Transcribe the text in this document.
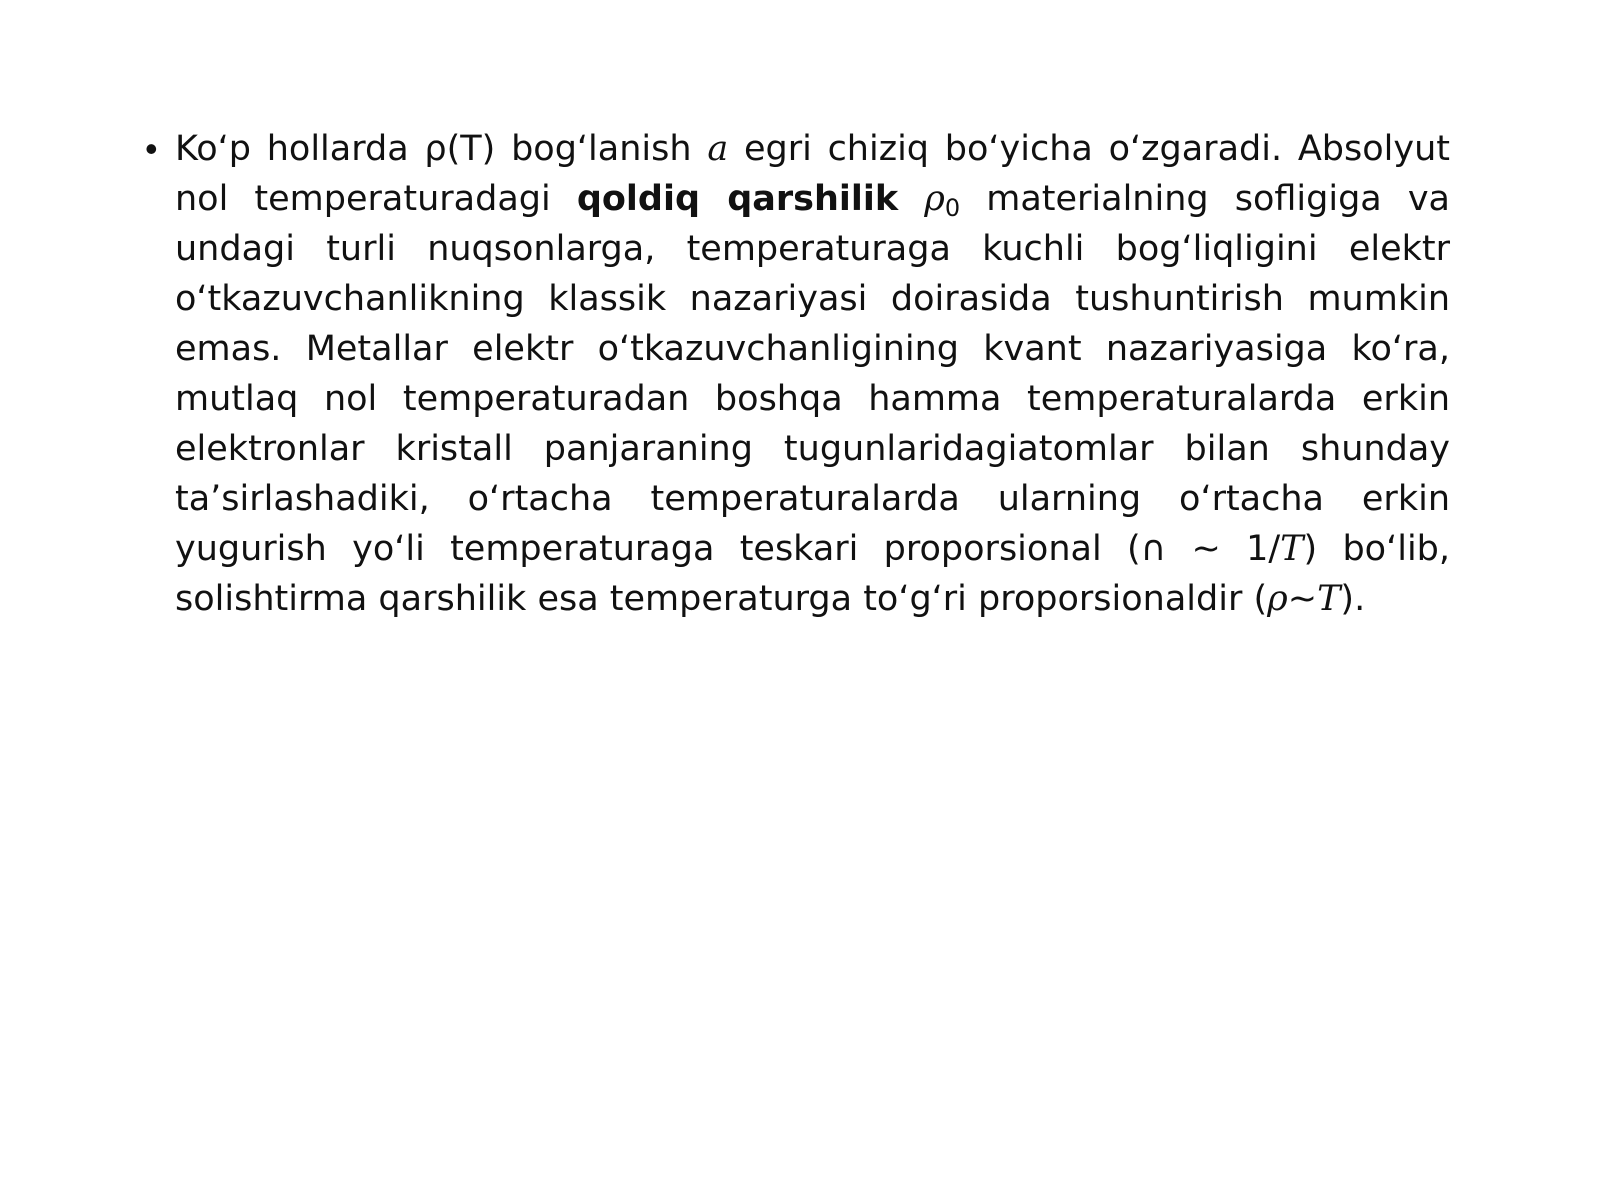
• Ko‘p hollarda ρ(T) bog‘lanish a egri chiziq bo‘yicha o‘zgaradi. Absolyut nol temperaturadagi qoldiq qarshilik $\rho_0$ materialning sofligiga va undagi turli nuqsonlarga, temperaturaga kuchli bog‘liqligini elektr o‘tkazuvchanlikning klassik nazariyasi doirasida tushuntirish mumkin emas. Metallar elektr o‘tkazuvchanligining kvant nazariyasiga ko‘ra, mutlaq nol temperaturadan boshqa hamma temperaturalarda erkin elektronlar kristall panjaraning tugunlaridagiatomlar bilan shunday ta’sirlashadiki, o‘rtacha temperaturalarda ularning o‘rtacha erkin yugurish yo‘li temperaturaga teskari proporsional (∩ ~ 1/T) bo‘lib, solishtirma qarshilik esa temperaturga to‘g‘ri proporsionaldir (ρ~T).
